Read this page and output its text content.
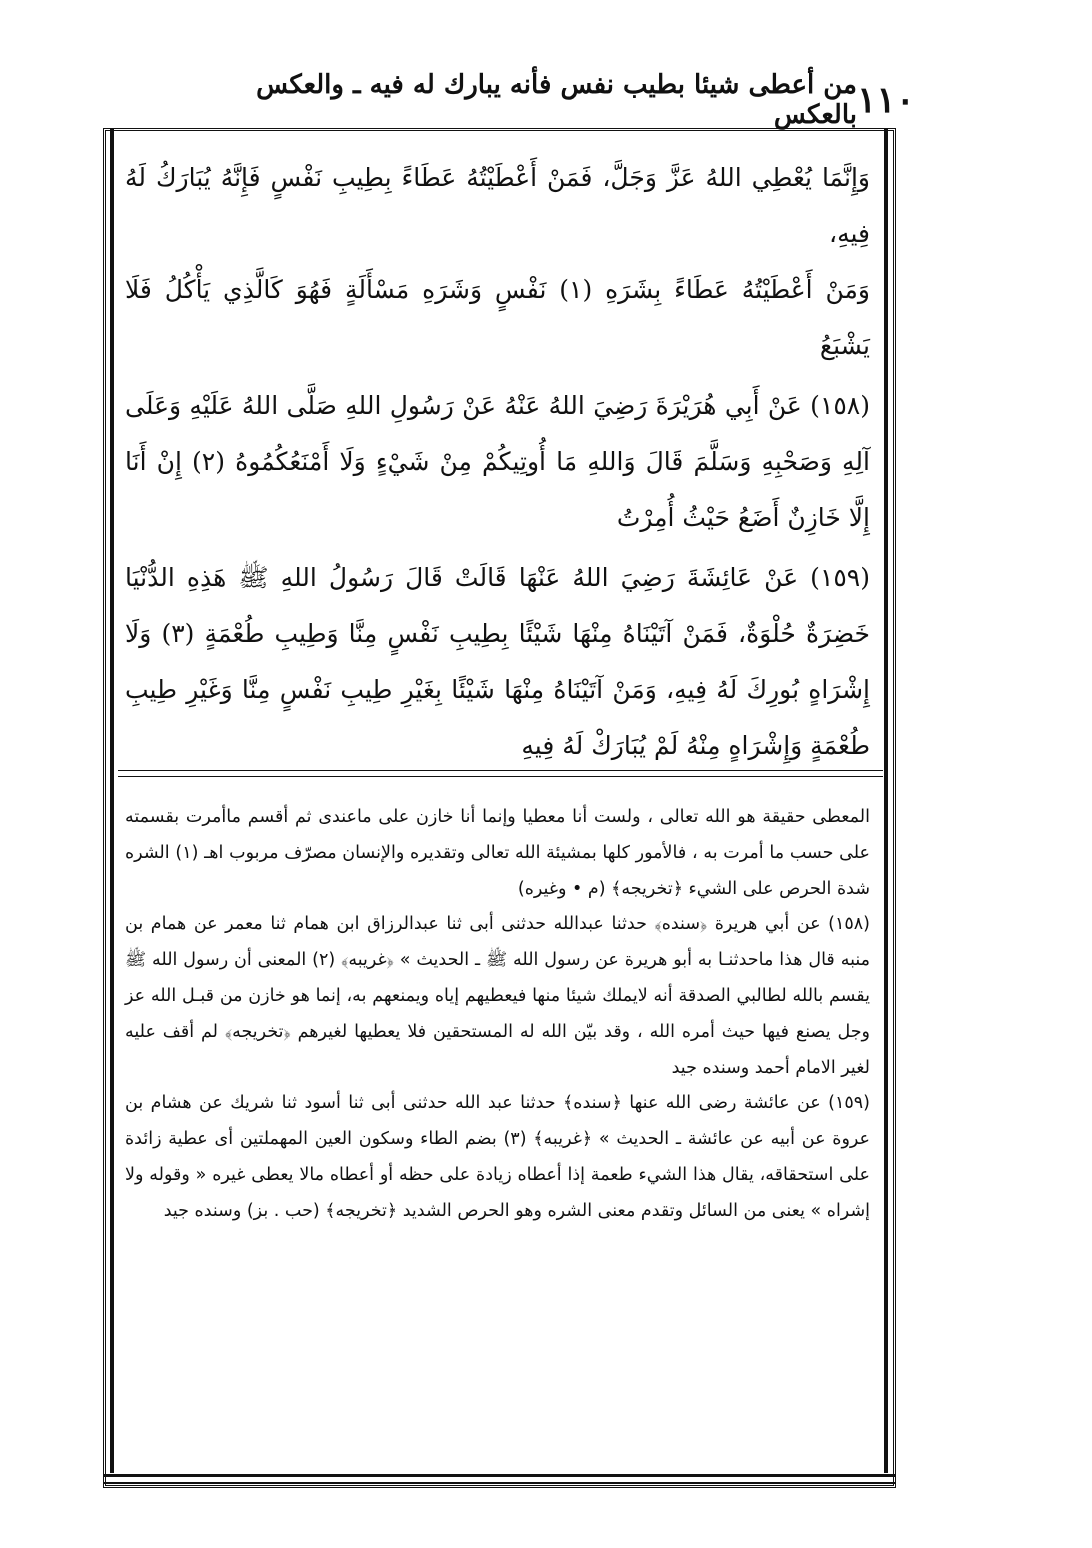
١١٠
من أعطى شيئا بطيب نفس فأنه يبارك له فيه ـ والعكس بالعكس

وَإِنَّمَا يُعْطِي اللهُ عَزَّ وَجَلَّ، فَمَنْ أَعْطَيْتُهُ عَطَاءً بِطِيبِ نَفْسٍ فَإِنَّهُ يُبَارَكُ لَهُ فِيهِ،

وَمَنْ أَعْطَيْتُهُ عَطَاءً بِشَرَهِ (١) نَفْسٍ وَشَرَهِ مَسْأَلَةٍ فَهُوَ كَالَّذِي يَأْكُلُ فَلَا يَشْبَعُ

(١٥٨) عَنْ أَبِي هُرَيْرَةَ رَضِيَ اللهُ عَنْهُ عَنْ رَسُولِ اللهِ صَلَّى اللهُ عَلَيْهِ وَعَلَى آلِهِ وَصَحْبِهِ وَسَلَّمَ قَالَ وَاللهِ مَا أُوتِيكُمْ مِنْ شَيْءٍ وَلَا أَمْنَعُكُمُوهُ (٢) إِنْ أَنَا إِلَّا خَازِنٌ أَضَعُ حَيْثُ أُمِرْتُ

(١٥٩) عَنْ عَائِشَةَ رَضِيَ اللهُ عَنْهَا قَالَتْ قَالَ رَسُولُ اللهِ ﷺ هَذِهِ الدُّنْيَا خَضِرَةٌ حُلْوَةٌ، فَمَنْ آتَيْنَاهُ مِنْهَا شَيْئًا بِطِيبِ نَفْسٍ مِنَّا وَطِيبِ طُعْمَةٍ (٣) وَلَا إِشْرَاهٍ بُورِكَ لَهُ فِيهِ، وَمَنْ آتَيْنَاهُ مِنْهَا شَيْئًا بِغَيْرِ طِيبِ نَفْسٍ مِنَّا وَغَيْرِ طِيبِ طُعْمَةٍ وَإِشْرَاهٍ مِنْهُ لَمْ يُبَارَكْ لَهُ فِيهِ

المعطى حقيقة هو الله تعالى ، ولست أنا معطيا وإنما أنا خازن على ماعندى ثم أقسم ماأمرت بقسمته على حسب ما أمرت به ، فالأمور كلها بمشيئة الله تعالى وتقديره والإنسان مصرّف مربوب اهـ (١) الشره شدة الحرص على الشيء ﴿تخريجه﴾ (م • وغيره)

(١٥٨) عن أبي هريرة ﴿سنده﴾ حدثنا عبدالله حدثنى أبى ثنا عبدالرزاق ابن همام ثنا معمر عن همام بن منبه قال هذا ماحدثنـا به أبو هريرة عن رسول الله ﷺ ـ الحديث » ﴿غريبه﴾ (٢) المعنى أن رسول الله ﷺ يقسم بالله لطالبي الصدقة أنه لايملك شيئا منها فيعطيهم إياه ويمنعهم به، إنما هو خازن من قبـل الله عز وجل يصنع فيها حيث أمره الله ، وقد بيّن الله له المستحقين فلا يعطيها لغيرهم ﴿تخريجه﴾ لم أقف عليه لغير الامام أحمد وسنده جيد

(١٥٩) عن عائشة رضى الله عنها ﴿سنده﴾ حدثنا عبد الله حدثنى أبى ثنا أسود ثنا شريك عن هشام بن عروة عن أبيه عن عائشة ـ الحديث » ﴿غريبه﴾ (٣) بضم الطاء وسكون العين المهملتين أى عطية زائدة على استحقاقه، يقال هذا الشيء طعمة إذا أعطاه زيادة على حظه أو أعطاه مالا يعطى غيره « وقوله ولا إشراه » يعنى من السائل وتقدم معنى الشره وهو الحرص الشديد ﴿تخريجه﴾ (حب . بز) وسنده جيد
